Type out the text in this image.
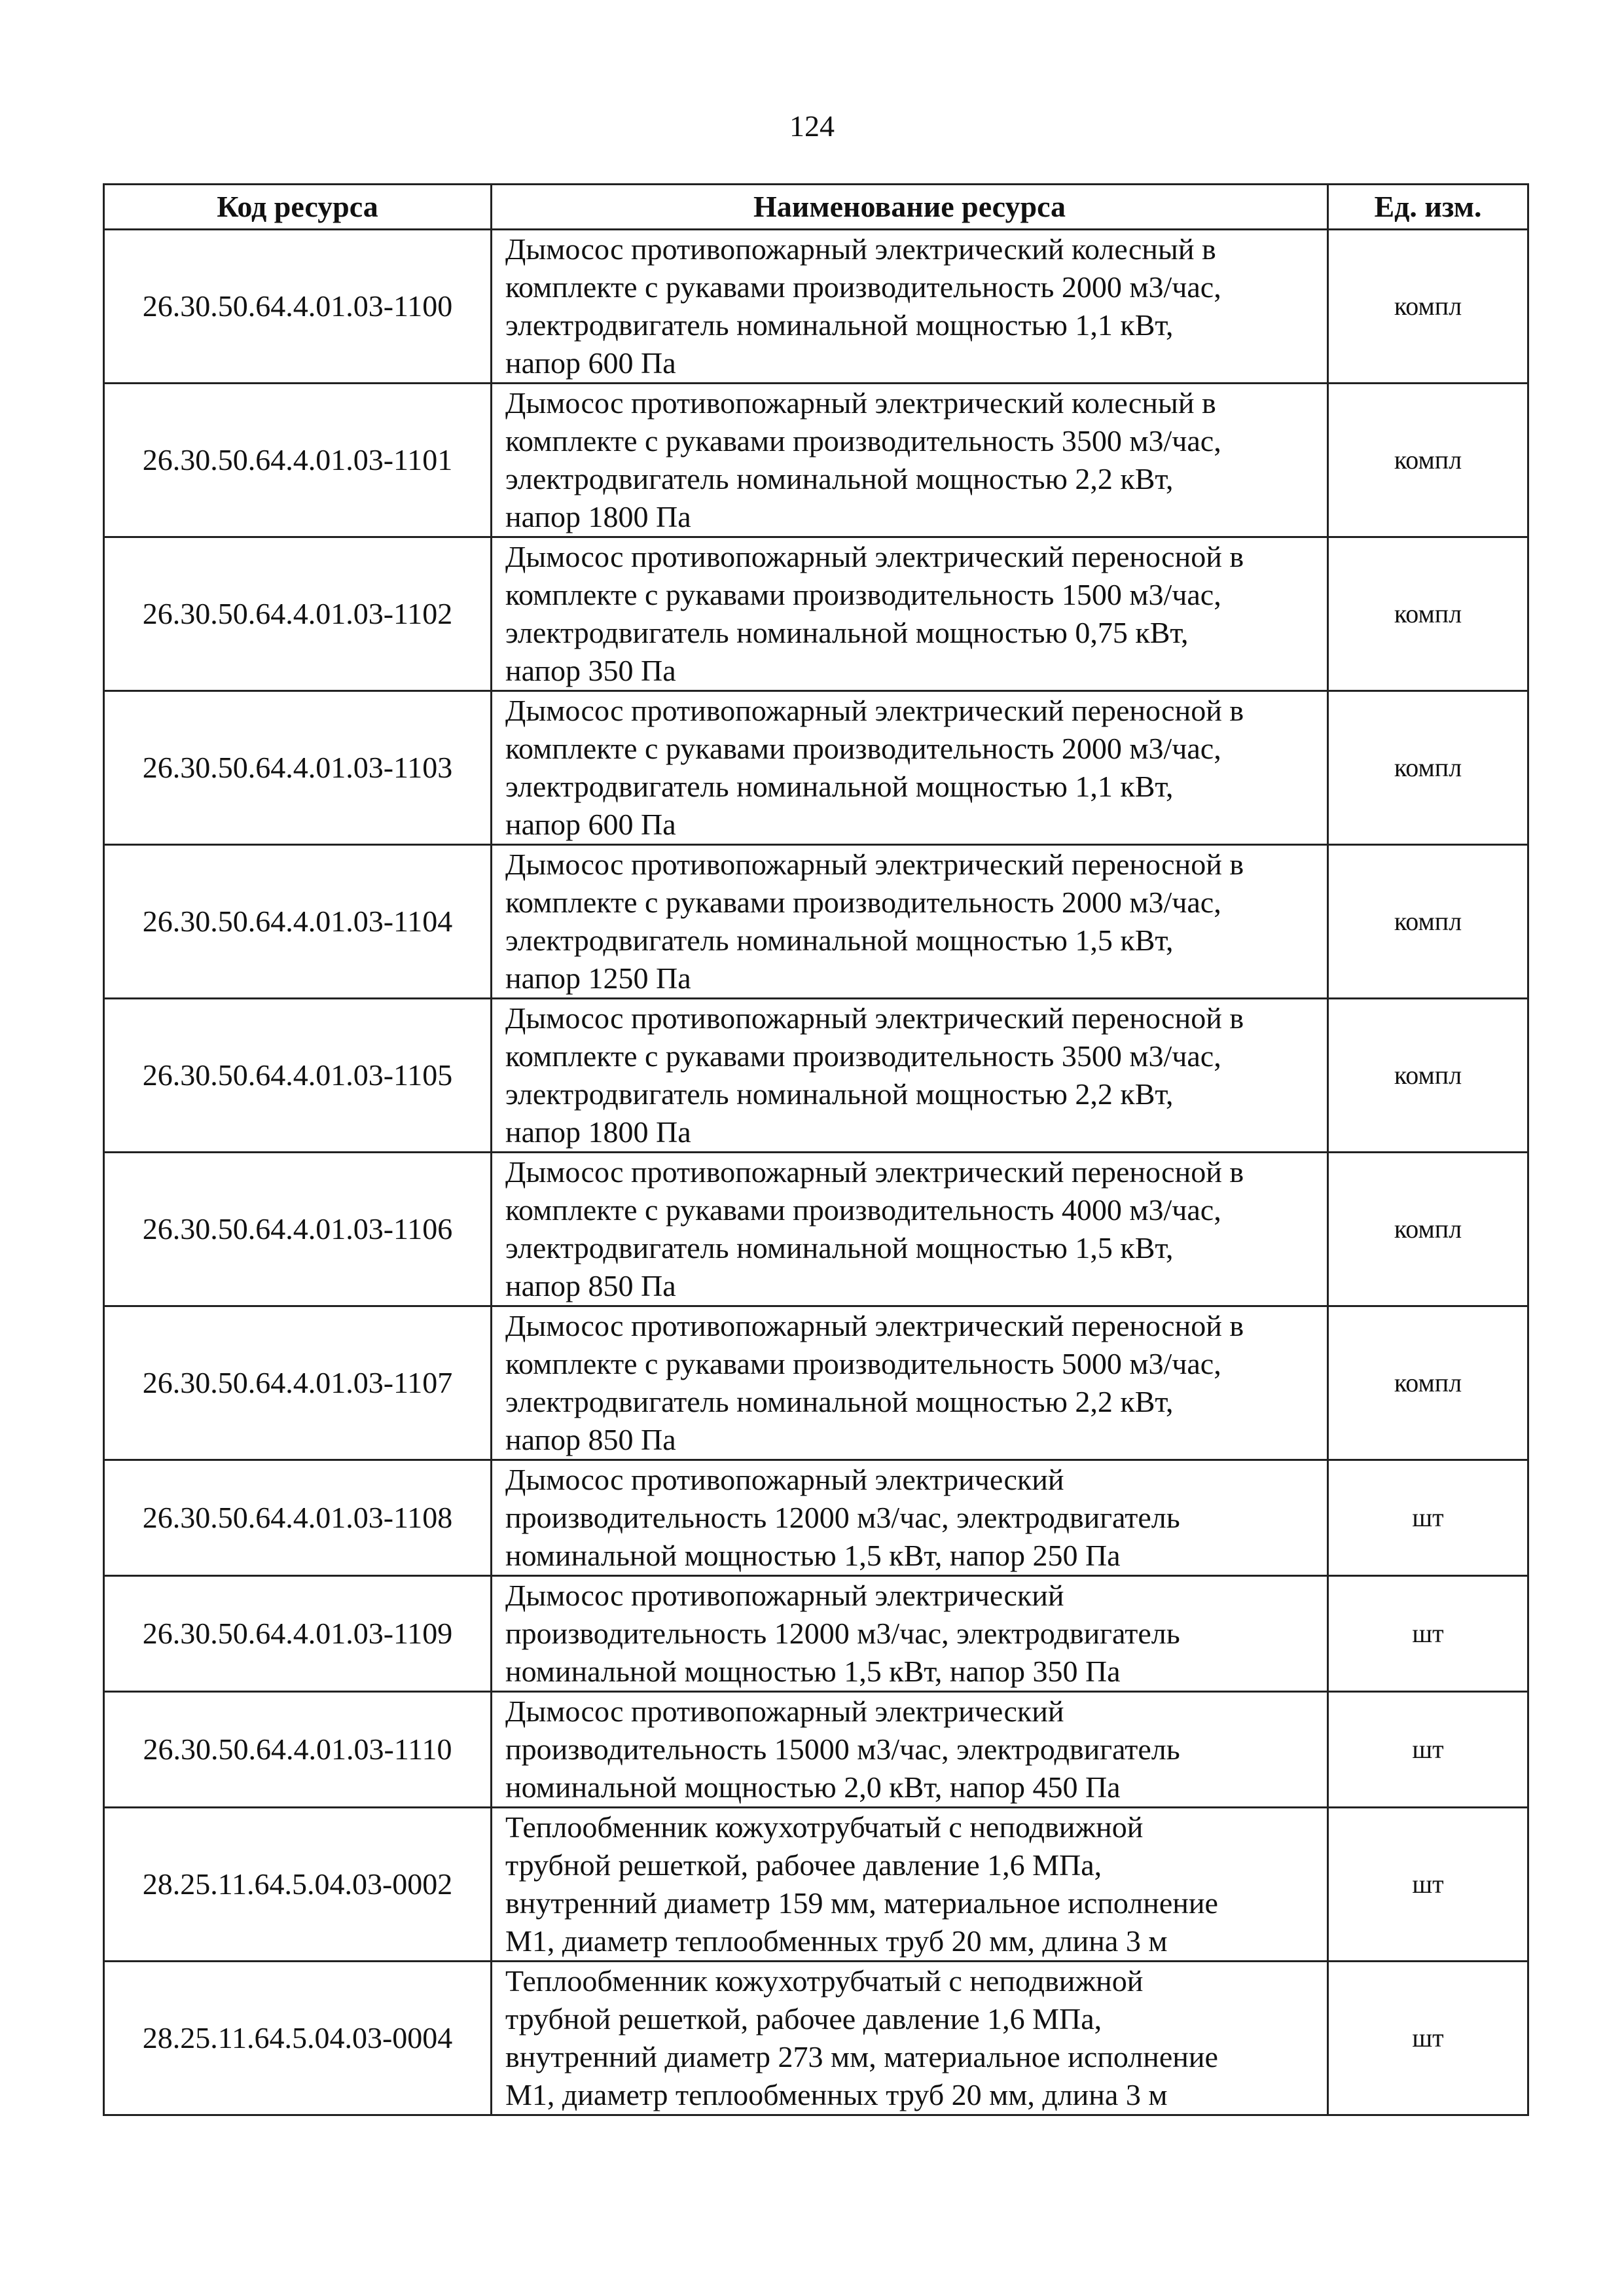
124
Код ресурса	Наименование ресурса	Ед. изм.
26.30.50.64.4.01.03-1100	Дымосос противопожарный электрический колесный в
комплекте с рукавами производительность 2000 м3/час,
электродвигатель номинальной мощностью 1,1 кВт,
напор 600 Па	компл
26.30.50.64.4.01.03-1101	Дымосос противопожарный электрический колесный в
комплекте с рукавами производительность 3500 м3/час,
электродвигатель номинальной мощностью 2,2 кВт,
напор 1800 Па	компл
26.30.50.64.4.01.03-1102	Дымосос противопожарный электрический переносной в
комплекте с рукавами производительность 1500 м3/час,
электродвигатель номинальной мощностью 0,75 кВт,
напор 350 Па	компл
26.30.50.64.4.01.03-1103	Дымосос противопожарный электрический переносной в
комплекте с рукавами производительность 2000 м3/час,
электродвигатель номинальной мощностью 1,1 кВт,
напор 600 Па	компл
26.30.50.64.4.01.03-1104	Дымосос противопожарный электрический переносной в
комплекте с рукавами производительность 2000 м3/час,
электродвигатель номинальной мощностью 1,5 кВт,
напор 1250 Па	компл
26.30.50.64.4.01.03-1105	Дымосос противопожарный электрический переносной в
комплекте с рукавами производительность 3500 м3/час,
электродвигатель номинальной мощностью 2,2 кВт,
напор 1800 Па	компл
26.30.50.64.4.01.03-1106	Дымосос противопожарный электрический переносной в
комплекте с рукавами производительность 4000 м3/час,
электродвигатель номинальной мощностью 1,5 кВт,
напор 850 Па	компл
26.30.50.64.4.01.03-1107	Дымосос противопожарный электрический переносной в
комплекте с рукавами производительность 5000 м3/час,
электродвигатель номинальной мощностью 2,2 кВт,
напор 850 Па	компл
26.30.50.64.4.01.03-1108	Дымосос противопожарный электрический
производительность 12000 м3/час, электродвигатель
номинальной мощностью 1,5 кВт, напор 250 Па	шт
26.30.50.64.4.01.03-1109	Дымосос противопожарный электрический
производительность 12000 м3/час, электродвигатель
номинальной мощностью 1,5 кВт, напор 350 Па	шт
26.30.50.64.4.01.03-1110	Дымосос противопожарный электрический
производительность 15000 м3/час, электродвигатель
номинальной мощностью 2,0 кВт, напор 450 Па	шт
28.25.11.64.5.04.03-0002	Теплообменник кожухотрубчатый с неподвижной
трубной решеткой, рабочее давление 1,6 МПа,
внутренний диаметр 159 мм, материальное исполнение
М1, диаметр теплообменных труб 20 мм, длина 3 м	шт
28.25.11.64.5.04.03-0004	Теплообменник кожухотрубчатый с неподвижной
трубной решеткой, рабочее давление 1,6 МПа,
внутренний диаметр 273 мм, материальное исполнение
М1, диаметр теплообменных труб 20 мм, длина 3 м	шт
